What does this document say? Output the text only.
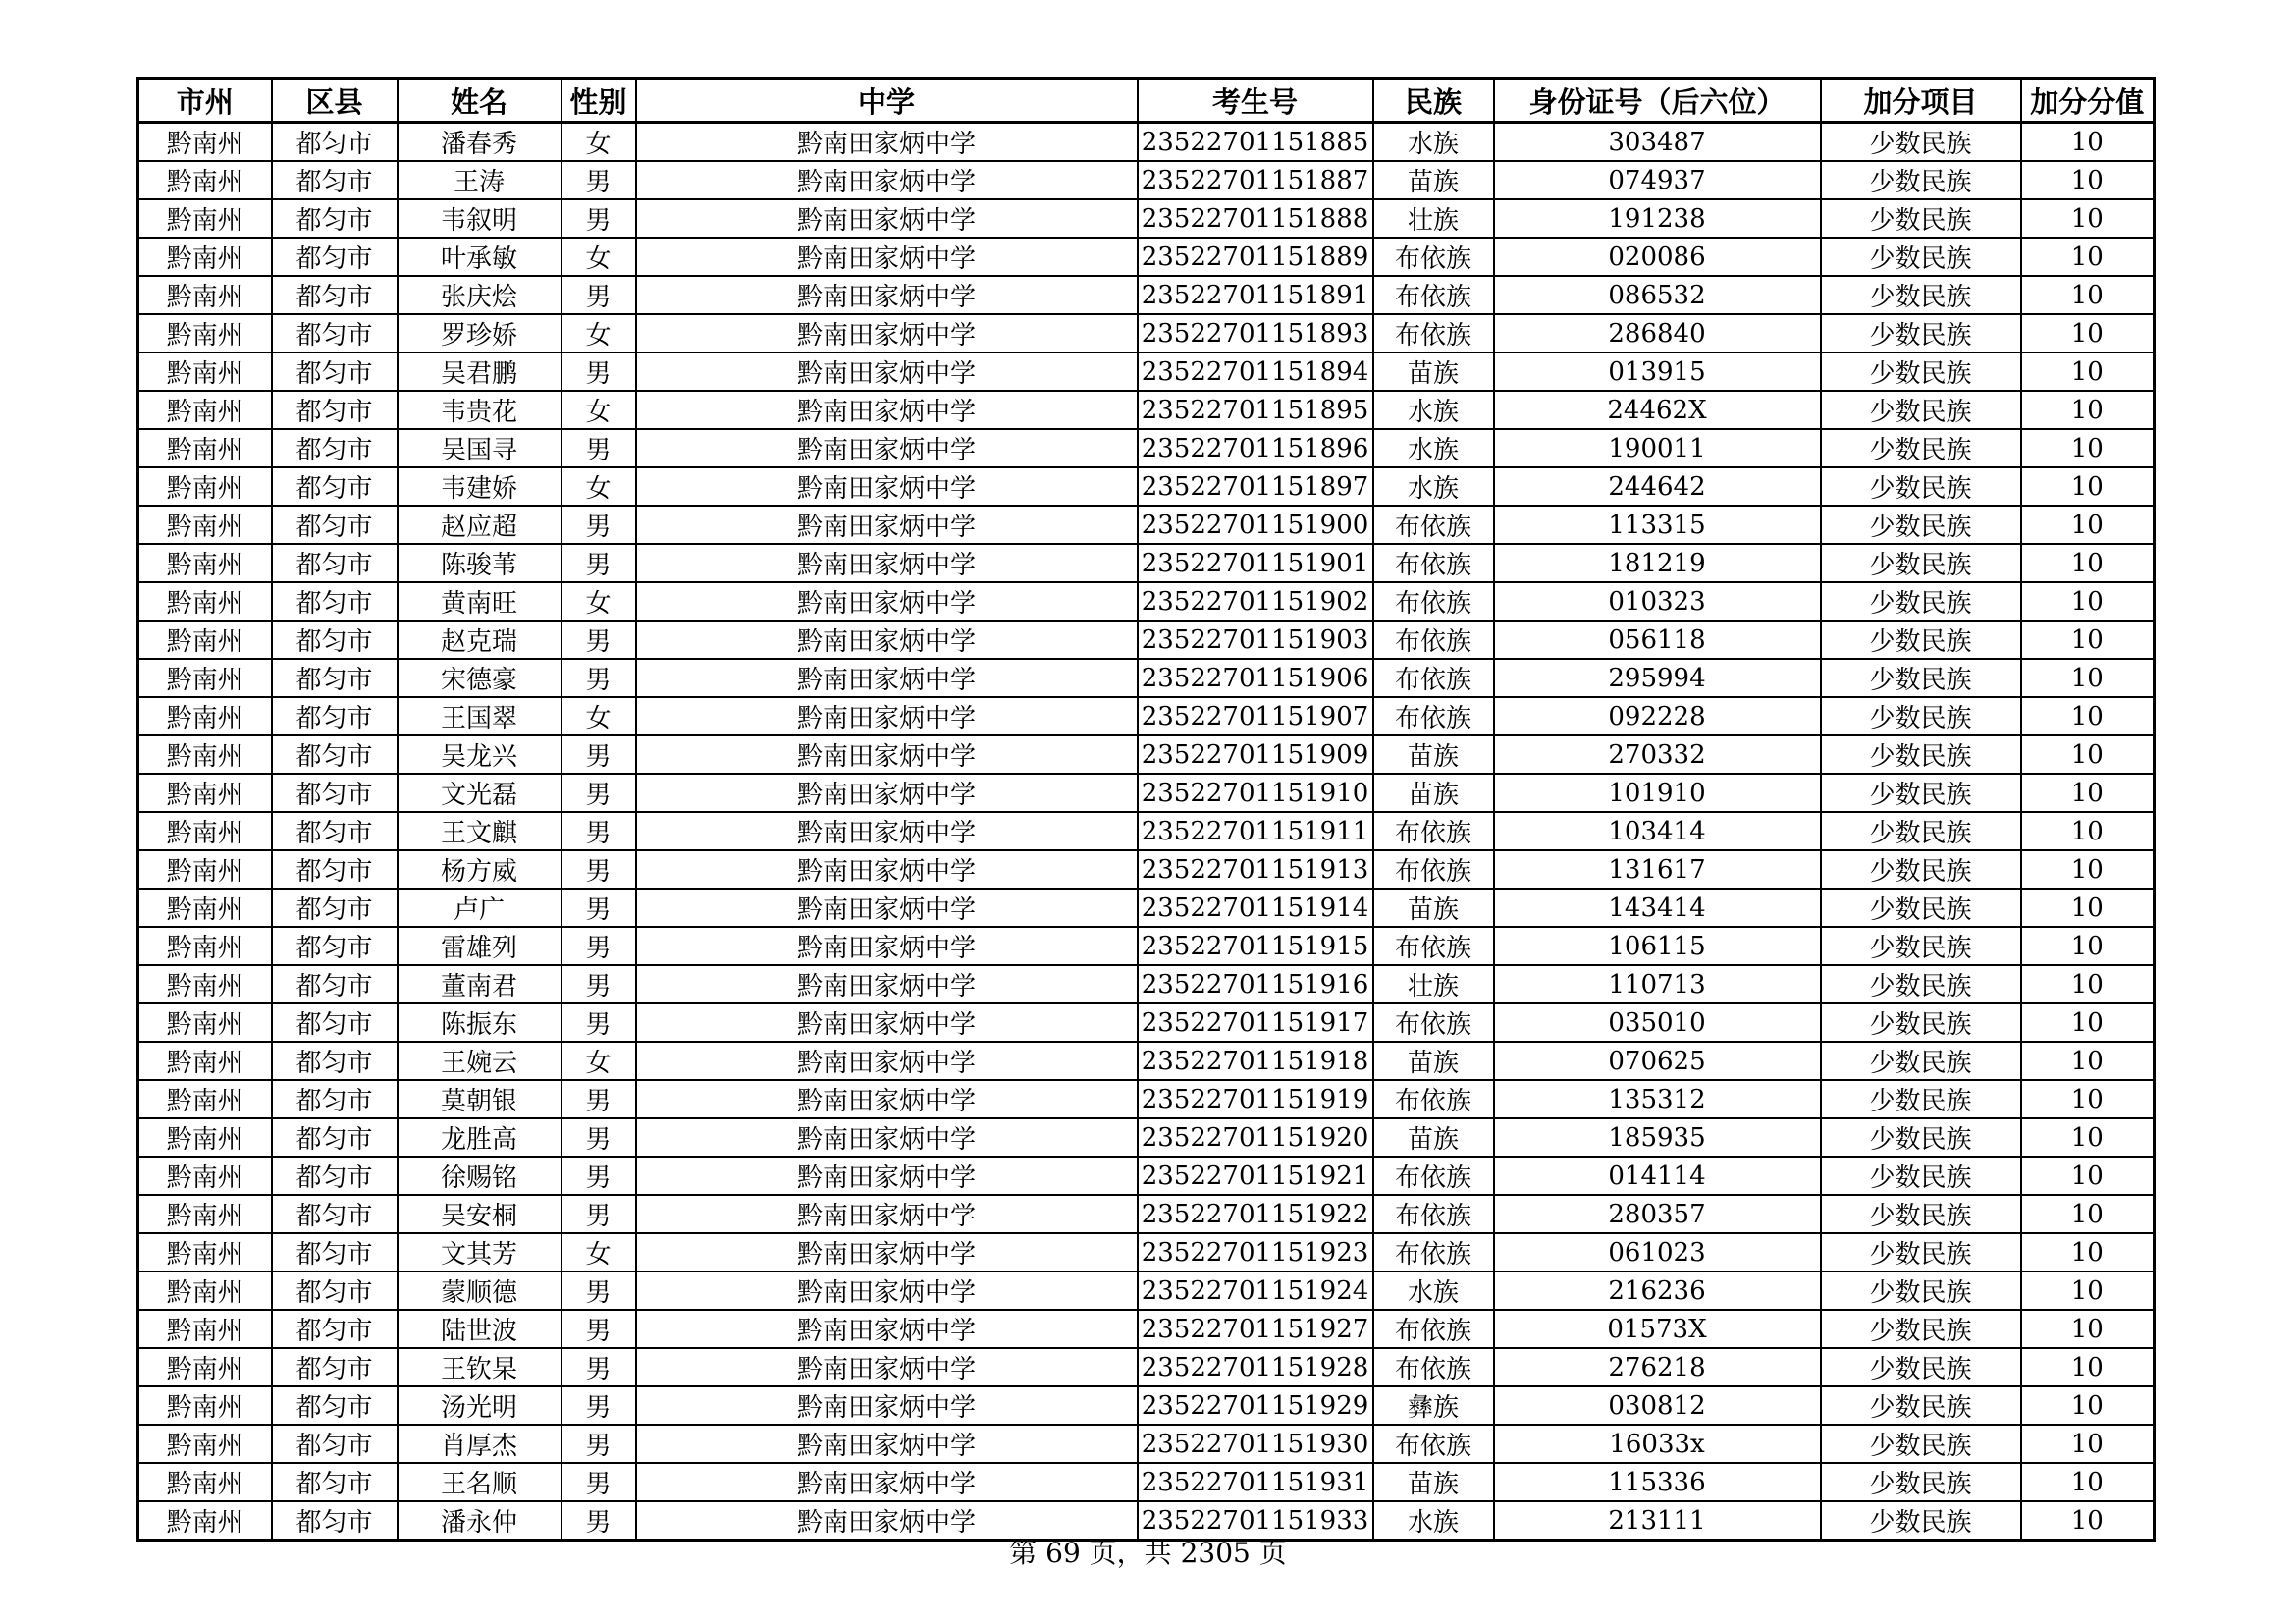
市州	区县	姓名	性别	中学	考生号	民族	身份证号（后六位）	加分项目	加分分值
黔南州	都匀市	潘春秀	女	黔南田家炳中学	23522701151885	水族	303487	少数民族	10
黔南州	都匀市	王涛	男	黔南田家炳中学	23522701151887	苗族	074937	少数民族	10
黔南州	都匀市	韦叙明	男	黔南田家炳中学	23522701151888	壮族	191238	少数民族	10
黔南州	都匀市	叶承敏	女	黔南田家炳中学	23522701151889	布依族	020086	少数民族	10
黔南州	都匀市	张庆烩	男	黔南田家炳中学	23522701151891	布依族	086532	少数民族	10
黔南州	都匀市	罗珍娇	女	黔南田家炳中学	23522701151893	布依族	286840	少数民族	10
黔南州	都匀市	吴君鹏	男	黔南田家炳中学	23522701151894	苗族	013915	少数民族	10
黔南州	都匀市	韦贵花	女	黔南田家炳中学	23522701151895	水族	24462X	少数民族	10
黔南州	都匀市	吴国寻	男	黔南田家炳中学	23522701151896	水族	190011	少数民族	10
黔南州	都匀市	韦建娇	女	黔南田家炳中学	23522701151897	水族	244642	少数民族	10
黔南州	都匀市	赵应超	男	黔南田家炳中学	23522701151900	布依族	113315	少数民族	10
黔南州	都匀市	陈骏苇	男	黔南田家炳中学	23522701151901	布依族	181219	少数民族	10
黔南州	都匀市	黄南旺	女	黔南田家炳中学	23522701151902	布依族	010323	少数民族	10
黔南州	都匀市	赵克瑞	男	黔南田家炳中学	23522701151903	布依族	056118	少数民族	10
黔南州	都匀市	宋德豪	男	黔南田家炳中学	23522701151906	布依族	295994	少数民族	10
黔南州	都匀市	王国翠	女	黔南田家炳中学	23522701151907	布依族	092228	少数民族	10
黔南州	都匀市	吴龙兴	男	黔南田家炳中学	23522701151909	苗族	270332	少数民族	10
黔南州	都匀市	文光磊	男	黔南田家炳中学	23522701151910	苗族	101910	少数民族	10
黔南州	都匀市	王文麒	男	黔南田家炳中学	23522701151911	布依族	103414	少数民族	10
黔南州	都匀市	杨方威	男	黔南田家炳中学	23522701151913	布依族	131617	少数民族	10
黔南州	都匀市	卢广	男	黔南田家炳中学	23522701151914	苗族	143414	少数民族	10
黔南州	都匀市	雷雄列	男	黔南田家炳中学	23522701151915	布依族	106115	少数民族	10
黔南州	都匀市	董南君	男	黔南田家炳中学	23522701151916	壮族	110713	少数民族	10
黔南州	都匀市	陈振东	男	黔南田家炳中学	23522701151917	布依族	035010	少数民族	10
黔南州	都匀市	王婉云	女	黔南田家炳中学	23522701151918	苗族	070625	少数民族	10
黔南州	都匀市	莫朝银	男	黔南田家炳中学	23522701151919	布依族	135312	少数民族	10
黔南州	都匀市	龙胜高	男	黔南田家炳中学	23522701151920	苗族	185935	少数民族	10
黔南州	都匀市	徐赐铭	男	黔南田家炳中学	23522701151921	布依族	014114	少数民族	10
黔南州	都匀市	吴安桐	男	黔南田家炳中学	23522701151922	布依族	280357	少数民族	10
黔南州	都匀市	文其芳	女	黔南田家炳中学	23522701151923	布依族	061023	少数民族	10
黔南州	都匀市	蒙顺德	男	黔南田家炳中学	23522701151924	水族	216236	少数民族	10
黔南州	都匀市	陆世波	男	黔南田家炳中学	23522701151927	布依族	01573X	少数民族	10
黔南州	都匀市	王钦杲	男	黔南田家炳中学	23522701151928	布依族	276218	少数民族	10
黔南州	都匀市	汤光明	男	黔南田家炳中学	23522701151929	彝族	030812	少数民族	10
黔南州	都匀市	肖厚杰	男	黔南田家炳中学	23522701151930	布依族	16033x	少数民族	10
黔南州	都匀市	王名顺	男	黔南田家炳中学	23522701151931	苗族	115336	少数民族	10
黔南州	都匀市	潘永仲	男	黔南田家炳中学	23522701151933	水族	213111	少数民族	10
第 69 页，共 2305 页
